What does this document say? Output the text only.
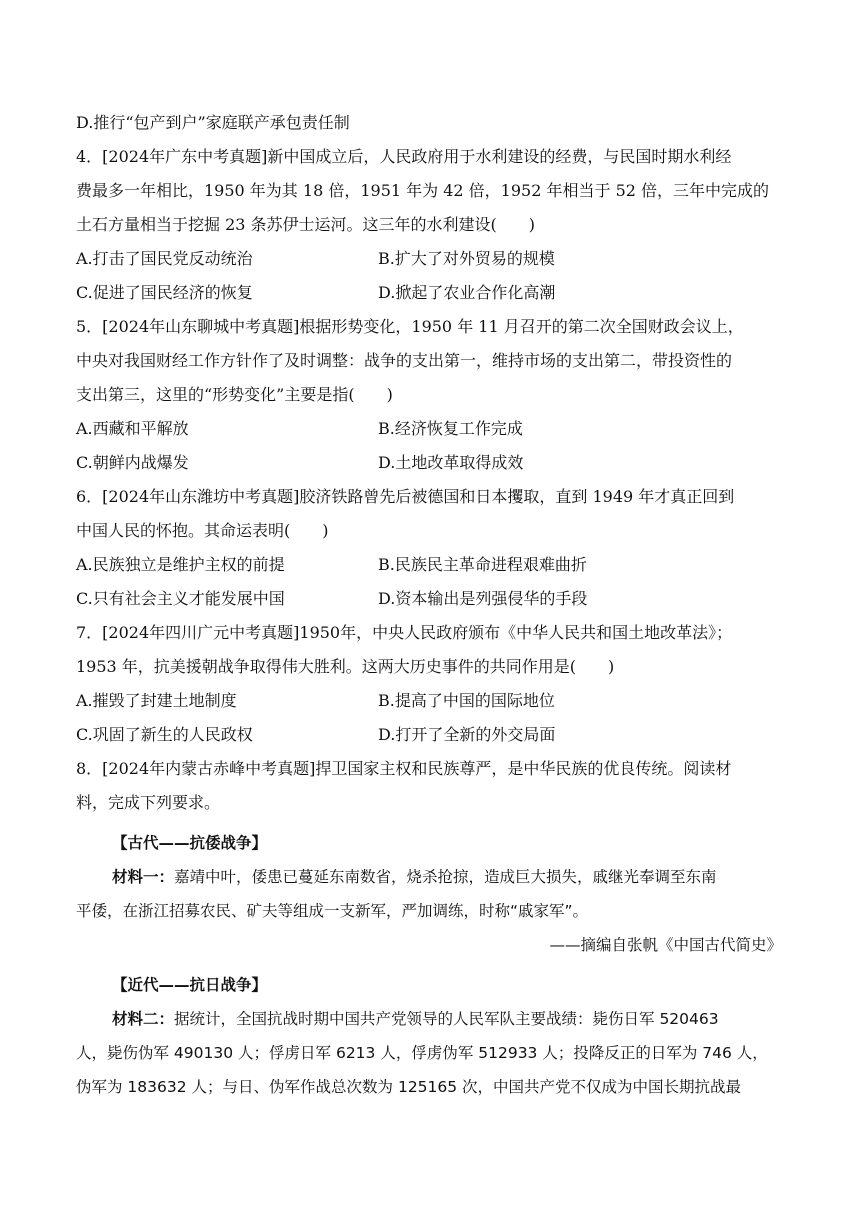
D.推行“包产到户”家庭联产承包责任制
4．[2024年广东中考真题]新中国成立后，人民政府用于水利建设的经费，与民国时期水利经
费最多一年相比，1950 年为其 18 倍，1951 年为 42 倍，1952 年相当于 52 倍，三年中完成的
土石方量相当于挖掘 23 条苏伊士运河。这三年的水利建设(　　)
A.打击了国民党反动统治	B.扩大了对外贸易的规模
C.促进了国民经济的恢复	D.掀起了农业合作化高潮
5．[2024年山东聊城中考真题]根据形势变化，1950 年 11 月召开的第二次全国财政会议上，
中央对我国财经工作方针作了及时调整：战争的支出第一，维持市场的支出第二，带投资性的
支出第三，这里的“形势变化”主要是指(　　)
A.西藏和平解放	B.经济恢复工作完成
C.朝鲜内战爆发	D.土地改革取得成效
6．[2024年山东潍坊中考真题]胶济铁路曾先后被德国和日本攫取，直到 1949 年才真正回到
中国人民的怀抱。其命运表明(　　)
A.民族独立是维护主权的前提	B.民族民主革命进程艰难曲折
C.只有社会主义才能发展中国	D.资本输出是列强侵华的手段
7．[2024年四川广元中考真题]1950年，中央人民政府颁布《中华人民共和国土地改革法》；
1953 年，抗美援朝战争取得伟大胜利。这两大历史事件的共同作用是(　　)
A.摧毁了封建土地制度	B.提高了中国的国际地位
C.巩固了新生的人民政权	D.打开了全新的外交局面
8．[2024年内蒙古赤峰中考真题]捍卫国家主权和民族尊严，是中华民族的优良传统。阅读材
料，完成下列要求。
【古代——抗倭战争】
材料一：嘉靖中叶，倭患已蔓延东南数省，烧杀抢掠，造成巨大损失，戚继光奉调至东南
平倭，在浙江招募农民、矿夫等组成一支新军，严加调练，时称“戚家军”。
——摘编自张帆《中国古代简史》
【近代——抗日战争】
材料二：据统计，全国抗战时期中国共产党领导的人民军队主要战绩：毙伤日军 520463
人，毙伤伪军 490130 人；俘虏日军 6213 人，俘虏伪军 512933 人；投降反正的日军为 746 人，
伪军为 183632 人；与日、伪军作战总次数为 125165 次，中国共产党不仅成为中国长期抗战最
